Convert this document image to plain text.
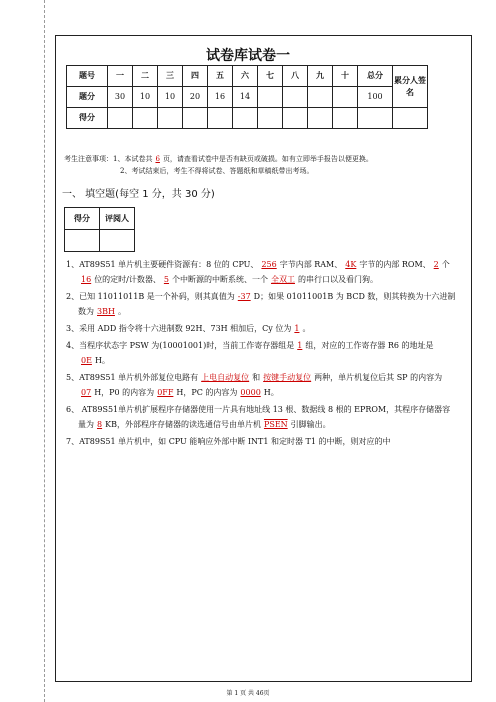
试卷库试卷一
题号	一	二	三	四	五	六	七	八	九	十	总分	累分人签名
题分	30	10	10	20	16	14					100	
得分												
考生注意事项：1、本试卷共 6 页，请查看试卷中是否有缺页或破损。如有立即举手报告以便更换。
2、考试结束后，考生不得将试卷、答题纸和草稿纸带出考场。
一、 填空题(每空 1 分，共 30 分)
得分	评阅人

1、AT89S51 单片机主要硬件资源有：8 位的 CPU、 256 字节内部 RAM、 4K 字节的内部 ROM、 2 个16 位的定时/计数器、 5 个中断源的中断系统、一个 全双工 的串行口以及看门狗。

2、已知 11011011B 是一个补码，则其真值为 -37 D；如果 01011001B 为 BCD 数，则其转换为十六进制数为 3BH 。

3、采用 ADD 指令将十六进制数 92H、73H 相加后，Cy 位为 1 。

4、当程序状态字 PSW 为(10001001)时，当前工作寄存器组是 1 组，对应的工作寄存器 R6 的地址是0E H。

5、AT89S51 单片机外部复位电路有 上电自动复位 和 按键手动复位 两种，单片机复位后其 SP 的内容为07 H，P0 的内容为 0FF H，PC 的内容为 0000 H。

6、 AT89S51单片机扩展程序存储器使用一片具有地址线 13 根、数据线 8 根的 EPROM，其程序存储器容量为 8 KB，外部程序存储器的读选通信号由单片机 PSEN 引脚输出。

7、AT89S51 单片机中，如 CPU 能响应外部中断 INT1 和定时器 T1 的中断，则对应的中

第 1 页 共 46页
